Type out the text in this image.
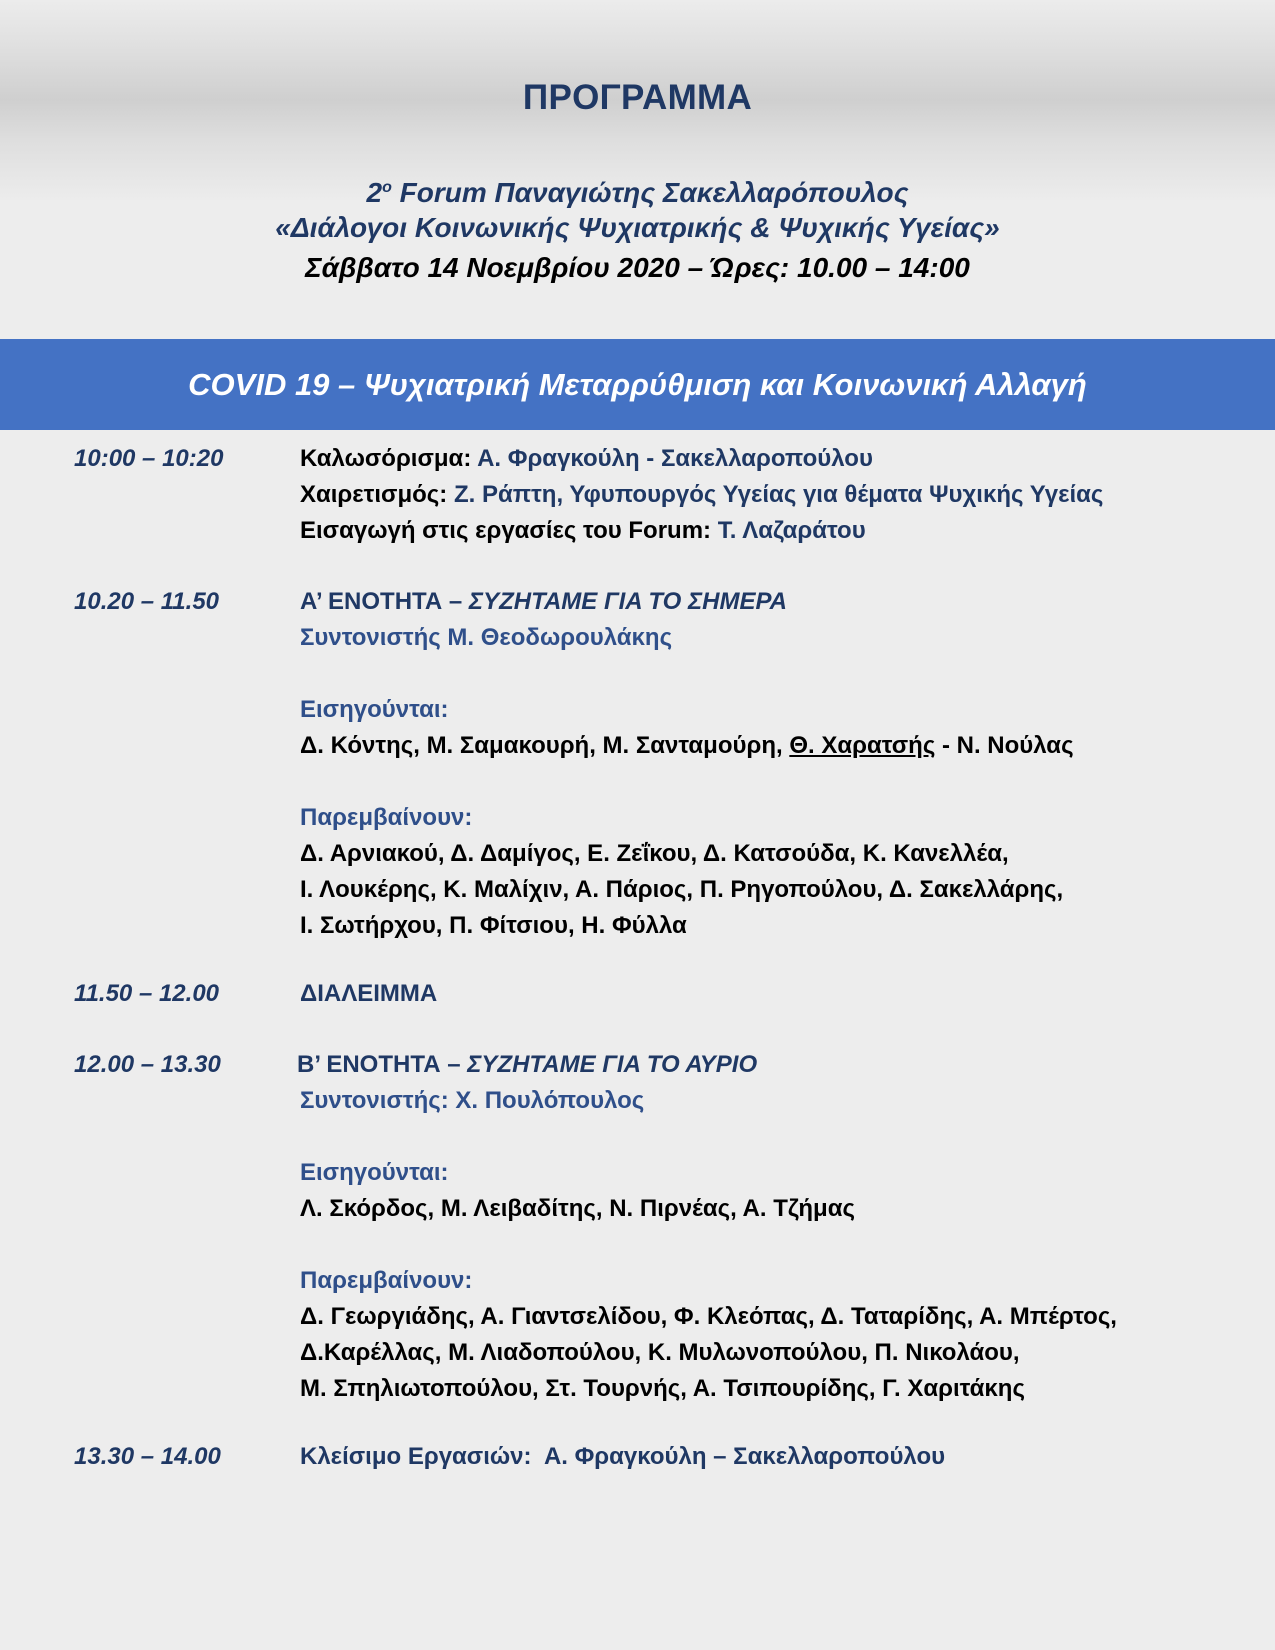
ΠΡΟΓΡΑΜΜΑ
$2^o$ Forum Παναγιώτης Σακελλαρόπουλος
«Διάλογοι Κοινωνικής Ψυχιατρικής & Ψυχικής Υγείας»
Σάββατο 14 Νοεμβρίου 2020 – Ώρες: 10.00 – 14:00
COVID 19 – Ψυχιατρική Μεταρρύθμιση και Κοινωνική Αλλαγή
10:00 – 10:20	Καλωσόρισμα: Α. Φραγκούλη - Σακελλαροπούλου
Χαιρετισμός: Ζ. Ράπτη, Υφυπουργός Υγείας για θέματα Ψυχικής Υγείας
Εισαγωγή στις εργασίες του Forum: Τ. Λαζαράτου
10.20 – 11.50	Α’ ΕΝΟΤΗΤΑ – ΣΥΖΗΤΑΜΕ ΓΙΑ ΤΟ ΣΗΜΕΡΑ
Συντονιστής Μ. Θεοδωρουλάκης
Εισηγούνται:
Δ. Κόντης, Μ. Σαμακουρή, Μ. Σανταμούρη, Θ. Χαρατσής - Ν. Νούλας
Παρεμβαίνουν:
Δ. Αρνιακού, Δ. Δαμίγος, Ε. Ζεΐκου, Δ. Κατσούδα, Κ. Κανελλέα,
Ι. Λουκέρης, Κ. Μαλίχιν, Α. Πάριος, Π. Ρηγοπούλου, Δ. Σακελλάρης,
Ι. Σωτήρχου, Π. Φίτσιου, Η. Φύλλα
11.50 – 12.00	ΔΙΑΛΕΙΜΜΑ
12.00 – 13.30	Β’ ΕΝΟΤΗΤΑ – ΣΥΖΗΤΑΜΕ ΓΙΑ ΤΟ ΑΥΡΙΟ
Συντονιστής: Χ. Πουλόπουλος
Εισηγούνται:
Λ. Σκόρδος, Μ. Λειβαδίτης, Ν. Πιρνέας, Α. Τζήμας
Παρεμβαίνουν:
Δ. Γεωργιάδης, Α. Γιαντσελίδου, Φ. Κλεόπας, Δ. Ταταρίδης, Α. Μπέρτος,
Δ.Καρέλλας, Μ. Λιαδοπούλου, Κ. Μυλωνοπούλου, Π. Νικολάου,
Μ. Σπηλιωτοπούλου, Στ. Τουρνής, Α. Τσιπουρίδης, Γ. Χαριτάκης
13.30 – 14.00	Κλείσιμο Εργασιών:  Α. Φραγκούλη – Σακελλαροπούλου
